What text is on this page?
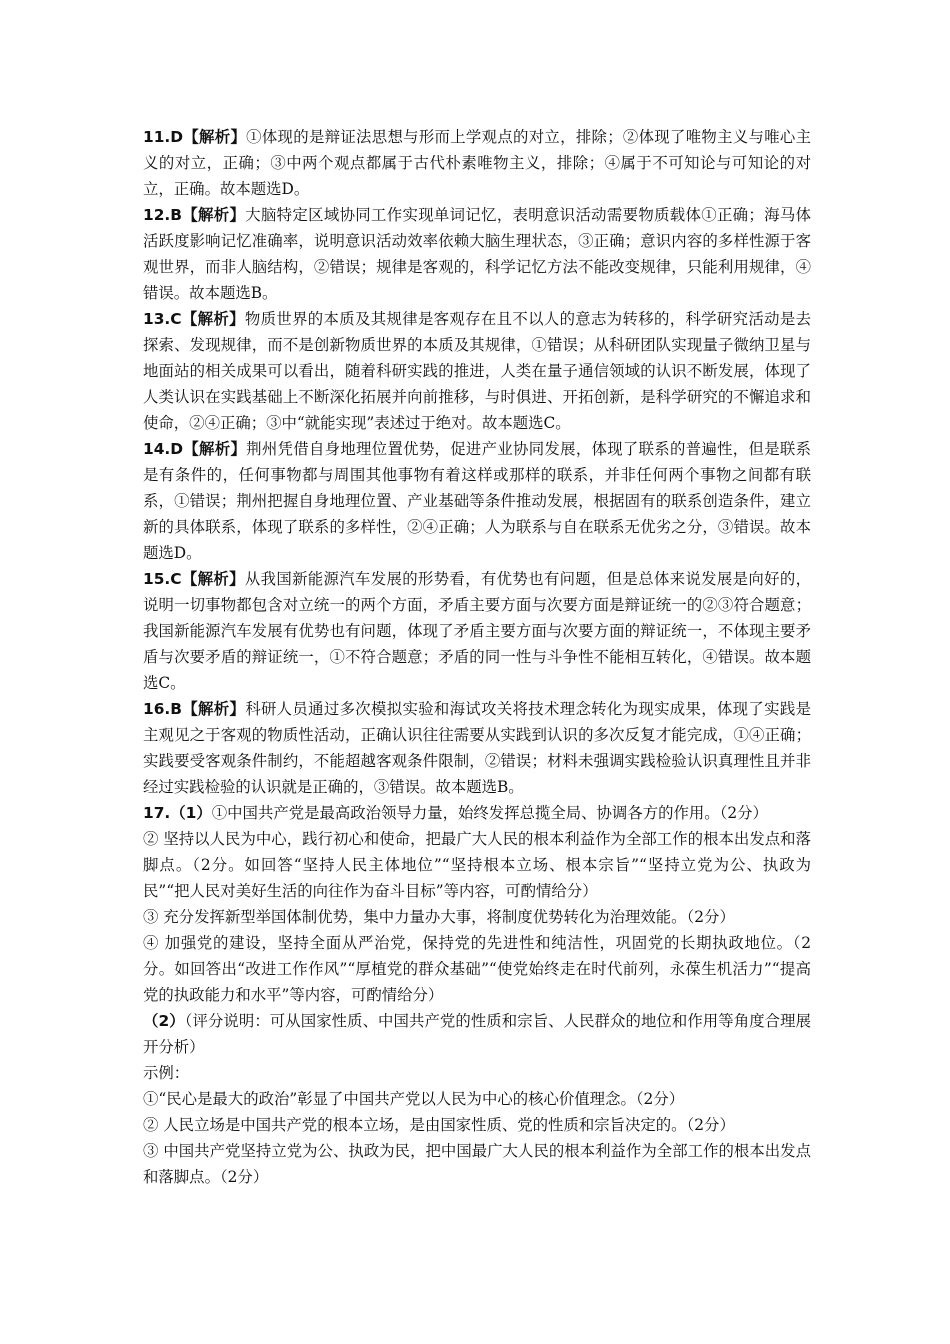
11.D【解析】①体现的是辩证法思想与形而上学观点的对立，排除；②体现了唯物主义与唯心主义的对立，正确；③中两个观点都属于古代朴素唯物主义，排除；④属于不可知论与可知论的对立，正确。故本题选D。

12.B【解析】大脑特定区域协同工作实现单词记忆，表明意识活动需要物质载体①正确；海马体活跃度影响记忆准确率，说明意识活动效率依赖大脑生理状态，③正确；意识内容的多样性源于客观世界，而非人脑结构，②错误；规律是客观的，科学记忆方法不能改变规律，只能利用规律，④错误。故本题选B。

13.C【解析】物质世界的本质及其规律是客观存在且不以人的意志为转移的，科学研究活动是去探索、发现规律，而不是创新物质世界的本质及其规律，①错误；从科研团队实现量子微纳卫星与地面站的相关成果可以看出，随着科研实践的推进，人类在量子通信领域的认识不断发展，体现了人类认识在实践基础上不断深化拓展并向前推移，与时俱进、开拓创新，是科学研究的不懈追求和使命，②④正确；③中“就能实现”表述过于绝对。故本题选C。

14.D【解析】荆州凭借自身地理位置优势，促进产业协同发展，体现了联系的普遍性，但是联系是有条件的，任何事物都与周围其他事物有着这样或那样的联系，并非任何两个事物之间都有联系，①错误；荆州把握自身地理位置、产业基础等条件推动发展，根据固有的联系创造条件，建立新的具体联系，体现了联系的多样性，②④正确；人为联系与自在联系无优劣之分，③错误。故本题选D。

15.C【解析】从我国新能源汽车发展的形势看，有优势也有问题，但是总体来说发展是向好的，说明一切事物都包含对立统一的两个方面，矛盾主要方面与次要方面是辩证统一的②③符合题意；我国新能源汽车发展有优势也有问题，体现了矛盾主要方面与次要方面的辩证统一，不体现主要矛盾与次要矛盾的辩证统一，①不符合题意；矛盾的同一性与斗争性不能相互转化，④错误。故本题选C。

16.B【解析】科研人员通过多次模拟实验和海试攻关将技术理念转化为现实成果，体现了实践是主观见之于客观的物质性活动，正确认识往往需要从实践到认识的多次反复才能完成，①④正确；实践要受客观条件制约，不能超越客观条件限制，②错误；材料未强调实践检验认识真理性且并非经过实践检验的认识就是正确的，③错误。故本题选B。

17.（1）①中国共产党是最高政治领导力量，始终发挥总揽全局、协调各方的作用。（2分）

② 坚持以人民为中心，践行初心和使命，把最广大人民的根本利益作为全部工作的根本出发点和落脚点。（2分。如回答“坚持人民主体地位”“坚持根本立场、根本宗旨”“坚持立党为公、执政为民”“把人民对美好生活的向往作为奋斗目标”等内容，可酌情给分）

③ 充分发挥新型举国体制优势，集中力量办大事，将制度优势转化为治理效能。（2分）

④ 加强党的建设，坚持全面从严治党，保持党的先进性和纯洁性，巩固党的长期执政地位。（2分。如回答出“改进工作作风”“厚植党的群众基础”“使党始终走在时代前列，永葆生机活力”“提高党的执政能力和水平”等内容，可酌情给分）

（2）（评分说明：可从国家性质、中国共产党的性质和宗旨、人民群众的地位和作用等角度合理展开分析）

示例：

①“民心是最大的政治”彰显了中国共产党以人民为中心的核心价值理念。（2分）

② 人民立场是中国共产党的根本立场，是由国家性质、党的性质和宗旨决定的。（2分）

③ 中国共产党坚持立党为公、执政为民，把中国最广大人民的根本利益作为全部工作的根本出发点和落脚点。（2分）
